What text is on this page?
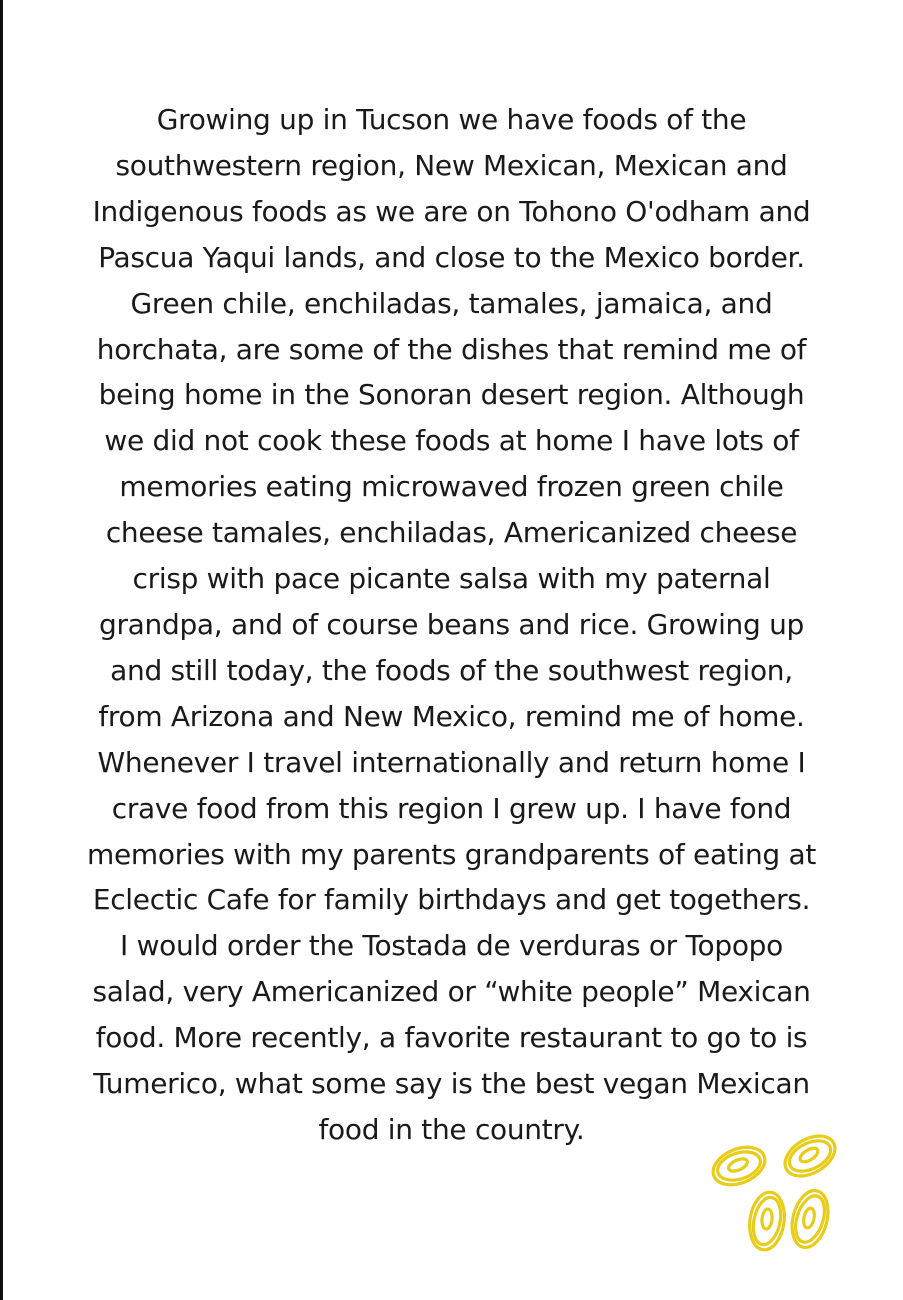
Growing up in Tucson we have foods of the
southwestern region, New Mexican, Mexican and
Indigenous foods as we are on Tohono O'odham and
Pascua Yaqui lands, and close to the Mexico border.
Green chile, enchiladas, tamales, jamaica, and
horchata, are some of the dishes that remind me of
being home in the Sonoran desert region. Although
we did not cook these foods at home I have lots of
memories eating microwaved frozen green chile
cheese tamales, enchiladas, Americanized cheese
crisp with pace picante salsa with my paternal
grandpa, and of course beans and rice. Growing up
and still today, the foods of the southwest region,
from Arizona and New Mexico, remind me of home.
Whenever I travel internationally and return home I
crave food from this region I grew up. I have fond
memories with my parents grandparents of eating at
Eclectic Cafe for family birthdays and get togethers.
I would order the Tostada de verduras or Topopo
salad, very Americanized or “white people” Mexican
food. More recently, a favorite restaurant to go to is
Tumerico, what some say is the best vegan Mexican
food in the country.
